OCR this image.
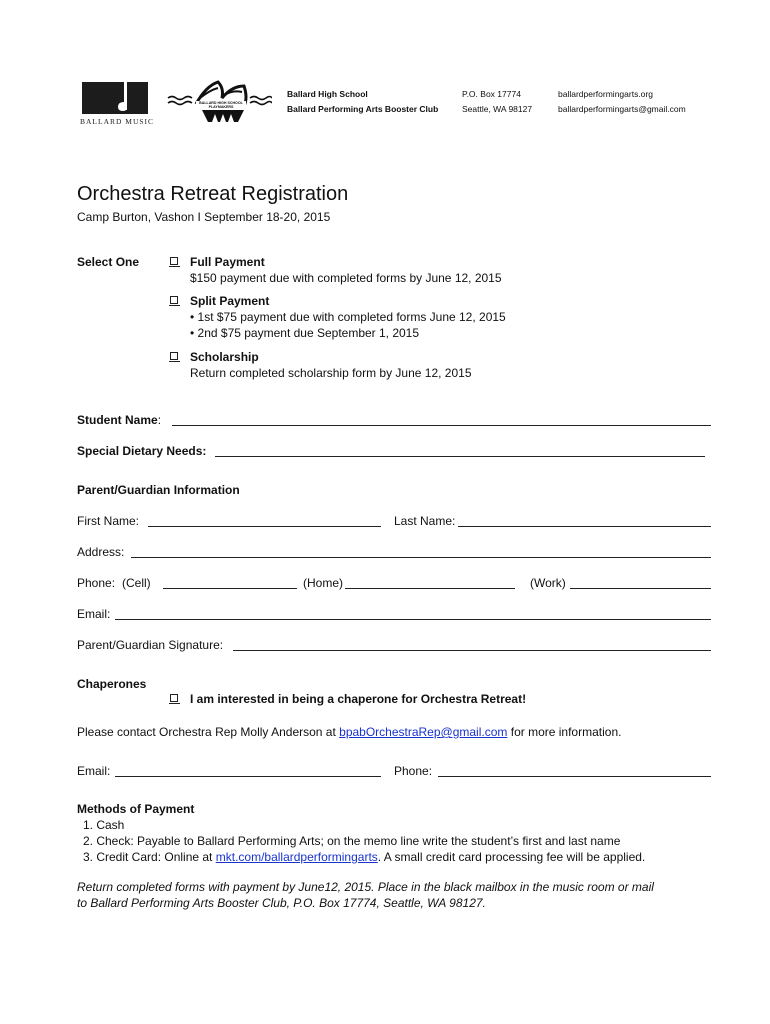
BALLARD MUSIC
BALLARD HIGH SCHOOL
PLAYMAKERS
Ballard High School
Ballard Performing Arts Booster Club
P.O. Box 17774
Seattle, WA 98127
ballardperformingarts.org
ballardperformingarts@gmail.com
Orchestra Retreat Registration
Camp Burton, Vashon I September 18-20, 2015
Select One	Full Payment
$150 payment due with completed forms by June 12, 2015
Split Payment
• 1st $75 payment due with completed forms June 12, 2015
• 2nd $75 payment due September 1, 2015
Scholarship
Return completed scholarship form by June 12, 2015
Student Name:
Special Dietary Needs:
Parent/Guardian Information
First Name:	Last Name:
Address:
Phone: (Cell)	(Home)	(Work)
Email:
Parent/Guardian Signature:
Chaperones
I am interested in being a chaperone for Orchestra Retreat!
Please contact Orchestra Rep Molly Anderson at bpabOrchestraRep@gmail.com for more information.
Email:	Phone:
Methods of Payment
1. Cash
2. Check: Payable to Ballard Performing Arts; on the memo line write the student’s first and last name
3. Credit Card: Online at mkt.com/ballardperformingarts. A small credit card processing fee will be applied.
Return completed forms with payment by June12, 2015. Place in the black mailbox in the music room or mail
to Ballard Performing Arts Booster Club, P.O. Box 17774, Seattle, WA 98127.
